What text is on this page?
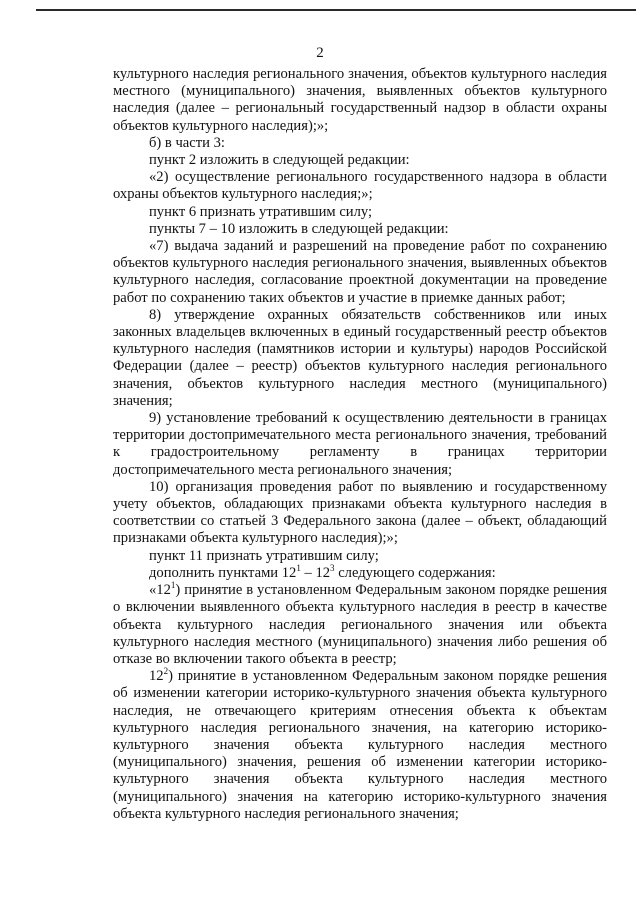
2

культурного наследия регионального значения, объектов культурного наследия местного (муниципального) значения, выявленных объектов культурного наследия (далее – региональный государственный надзор в области охраны объектов культурного наследия);»;

б) в части 3:

пункт 2 изложить в следующей редакции:

«2) осуществление регионального государственного надзора в области охраны объектов культурного наследия;»;

пункт 6 признать утратившим силу;

пункты 7 – 10 изложить в следующей редакции:

«7) выдача заданий и разрешений на проведение работ по сохранению объектов культурного наследия регионального значения, выявленных объектов культурного наследия, согласование проектной документации на проведение работ по сохранению таких объектов и участие в приемке данных работ;

8) утверждение охранных обязательств собственников или иных законных владельцев включенных в единый государственный реестр объектов культурного наследия (памятников истории и культуры) народов Российской Федерации (далее – реестр) объектов культурного наследия регионального значения, объектов культурного наследия местного (муниципального) значения;

9) установление требований к осуществлению деятельности в границах территории достопримечательного места регионального значения, требований к градостроительному регламенту в границах территории достопримечательного места регионального значения;

10) организация проведения работ по выявлению и государственному учету объектов, обладающих признаками объекта культурного наследия в соответствии со статьей 3 Федерального закона (далее – объект, обладающий признаками объекта культурного наследия);»;

пункт 11 признать утратившим силу;

дополнить пунктами $12^1 - 12^3$ следующего содержания:

«$12^1$) принятие в установленном Федеральным законом порядке решения о включении выявленного объекта культурного наследия в реестр в качестве объекта культурного наследия регионального значения или объекта культурного наследия местного (муниципального) значения либо решения об отказе во включении такого объекта в реестр;

$12^2$) принятие в установленном Федеральным законом порядке решения об изменении категории историко-культурного значения объекта культурного наследия, не отвечающего критериям отнесения объекта к объектам культурного наследия регионального значения, на категорию историко-культурного значения объекта культурного наследия местного (муниципального) значения, решения об изменении категории историко-культурного значения объекта культурного наследия местного (муниципального) значения на категорию историко-культурного значения объекта культурного наследия регионального значения;
